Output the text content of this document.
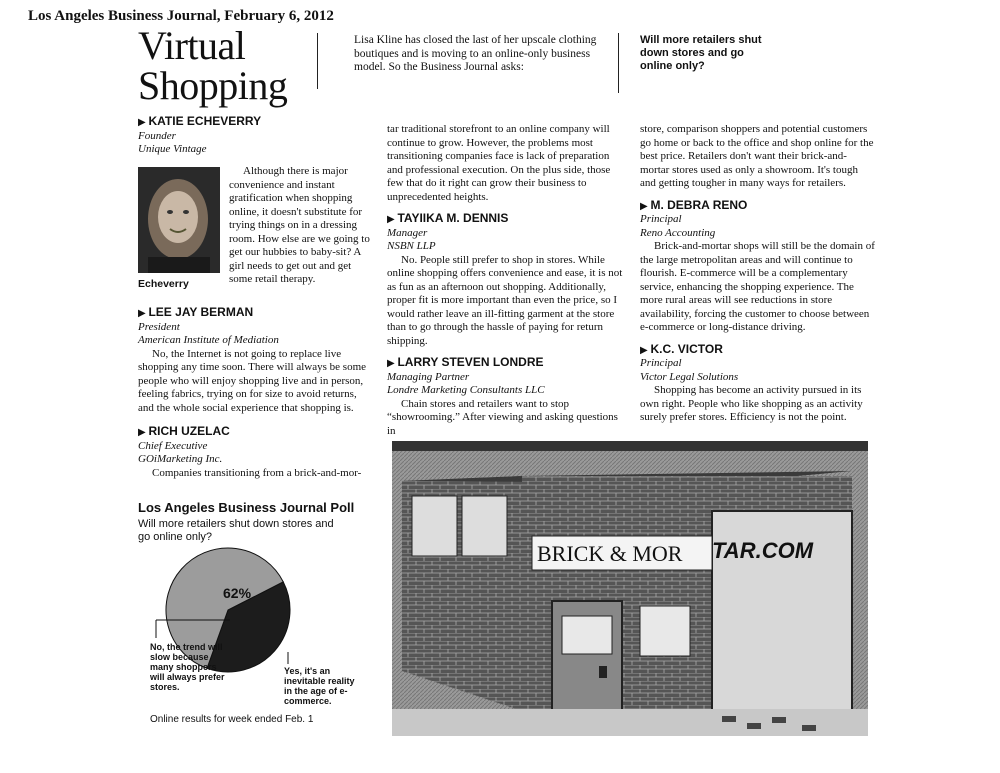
Los Angeles Business Journal, February 6, 2012
Virtual
Shopping
Lisa Kline has closed the last of her upscale clothing boutiques and is moving to an online-only business model. So the Business Journal asks:
Will more retailers shut down stores and go online only?
▶ KATIE ECHEVERRY
Founder
Unique Vintage
Echeverry

Although there is major convenience and instant gratification when shopping online, it doesn't substitute for trying things on in a dressing room. How else are we going to get our hubbies to baby-sit? A girl needs to get out and get some retail therapy.

▶ LEE JAY BERMAN
President
American Institute of Mediation

No, the Internet is not going to replace live shopping any time soon. There will always be some people who will enjoy shopping live and in person, feeling fabrics, trying on for size to avoid returns, and the whole social experience that shopping is.

▶ RICH UZELAC
Chief Executive
GOiMarketing Inc.

Companies transitioning from a brick-and-mor-

Los Angeles Business Journal Poll
Will more retailers shut down stores and go online only?
62%
No, the trend will slow because many shoppers will always prefer stores.
Yes, it's an inevitable reality in the age of e-commerce.
Online results for week ended Feb. 1

tar traditional storefront to an online company will continue to grow. However, the problems most transitioning companies face is lack of preparation and professional execution. On the plus side, those few that do it right can grow their business to unprecedented heights.

▶ TAYIIKA M. DENNIS
Manager
NSBN LLP

No. People still prefer to shop in stores. While online shopping offers convenience and ease, it is not as fun as an afternoon out shopping. Additionally, proper fit is more important than even the price, so I would rather leave an ill-fitting garment at the store than to go through the hassle of paying for return shipping.

▶ LARRY STEVEN LONDRE
Managing Partner
Londre Marketing Consultants LLC

Chain stores and retailers want to stop “showrooming.” After viewing and asking questions in

store, comparison shoppers and potential customers go home or back to the office and shop online for the best price. Retailers don't want their brick-and-mortar stores used as only a showroom. It's tough and getting tougher in many ways for retailers.

▶ M. DEBRA RENO
Principal
Reno Accounting

Brick-and-mortar shops will still be the domain of the large metropolitan areas and will continue to flourish. E-commerce will be a complementary service, enhancing the shopping experience. The more rural areas will see reductions in store availability, forcing the customer to choose between e-commerce or long-distance driving.

▶ K.C. VICTOR
Principal
Victor Legal Solutions

Shopping has become an activity pursued in its own right. People who like shopping as an activity surely prefer stores. Efficiency is not the point.

BRICK & MOR TAR.COM
